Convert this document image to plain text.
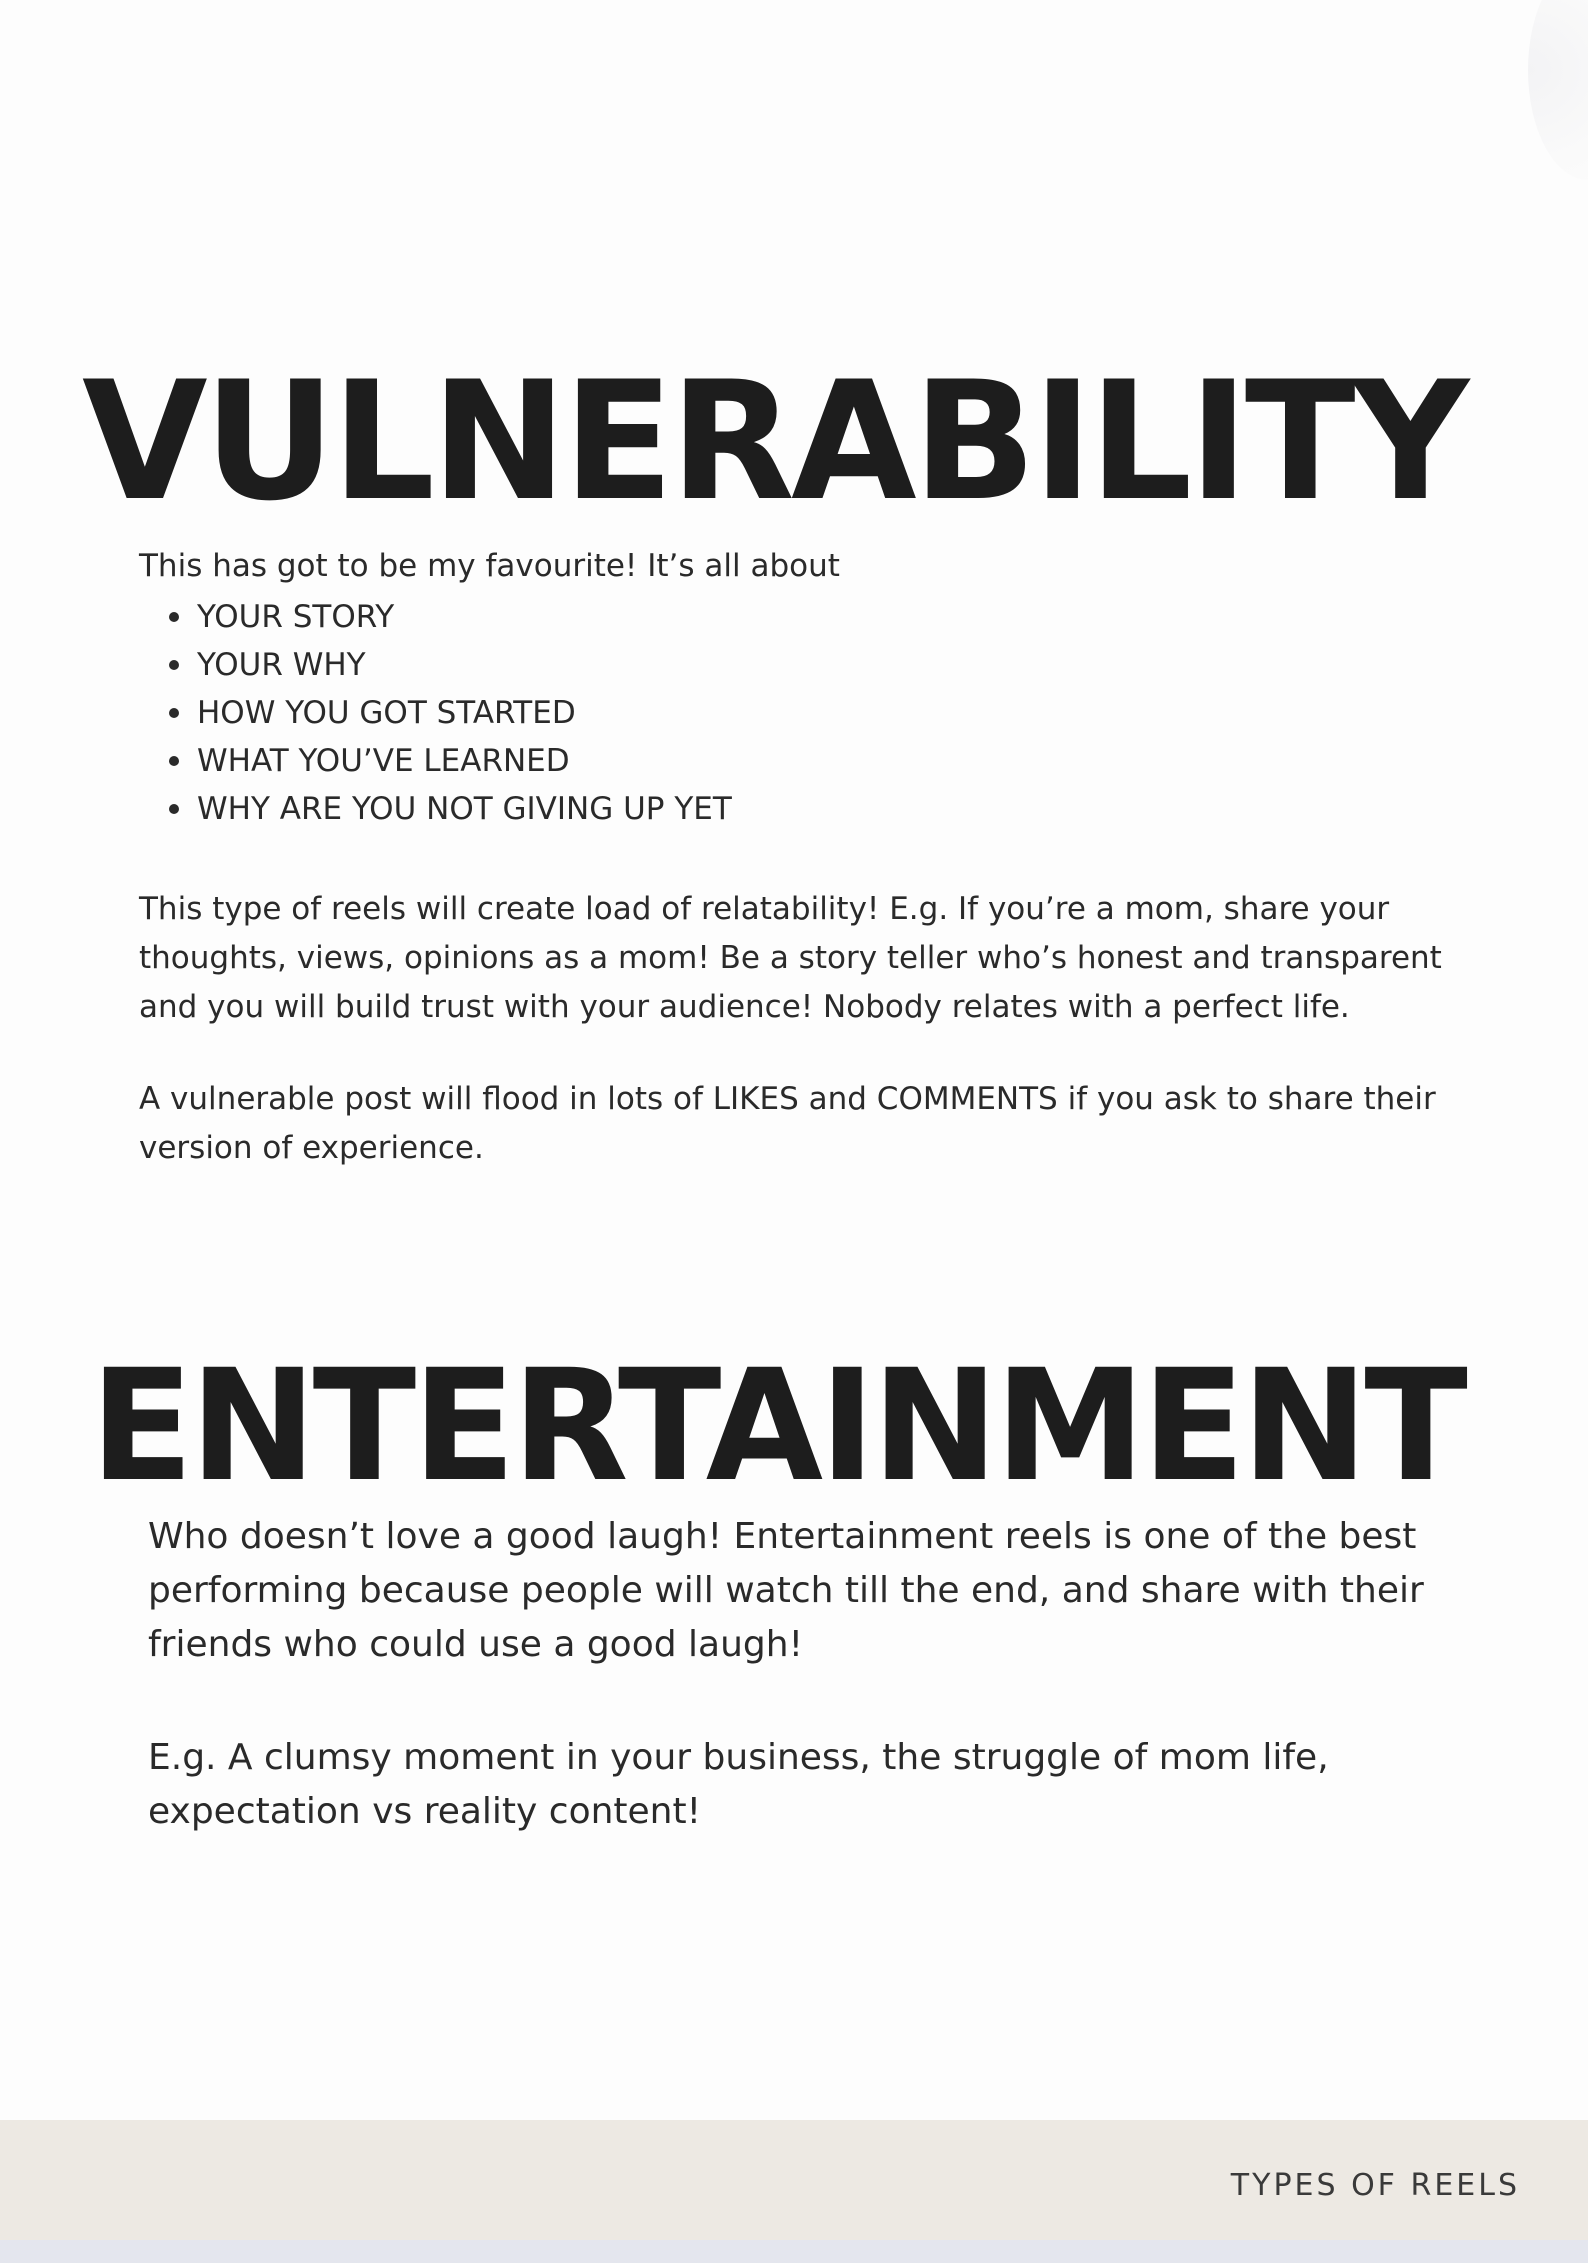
VULNERABILITY

This has got to be my favourite! It’s all about

YOUR STORY
YOUR WHY
HOW YOU GOT STARTED
WHAT YOU’VE LEARNED
WHY ARE YOU NOT GIVING UP YET

This type of reels will create load of relatability! E.g. If you’re a mom, share your thoughts, views, opinions as a mom! Be a story teller who’s honest and transparent and you will build trust with your audience! Nobody relates with a perfect life.

A vulnerable post will flood in lots of LIKES and COMMENTS if you ask to share their version of experience.

ENTERTAINMENT

Who doesn’t love a good laugh! Entertainment reels is one of the best performing because people will watch till the end, and share with their friends who could use a good laugh!

E.g. A clumsy moment in your business, the struggle of mom life, expectation vs reality content!

TYPES OF REELS
